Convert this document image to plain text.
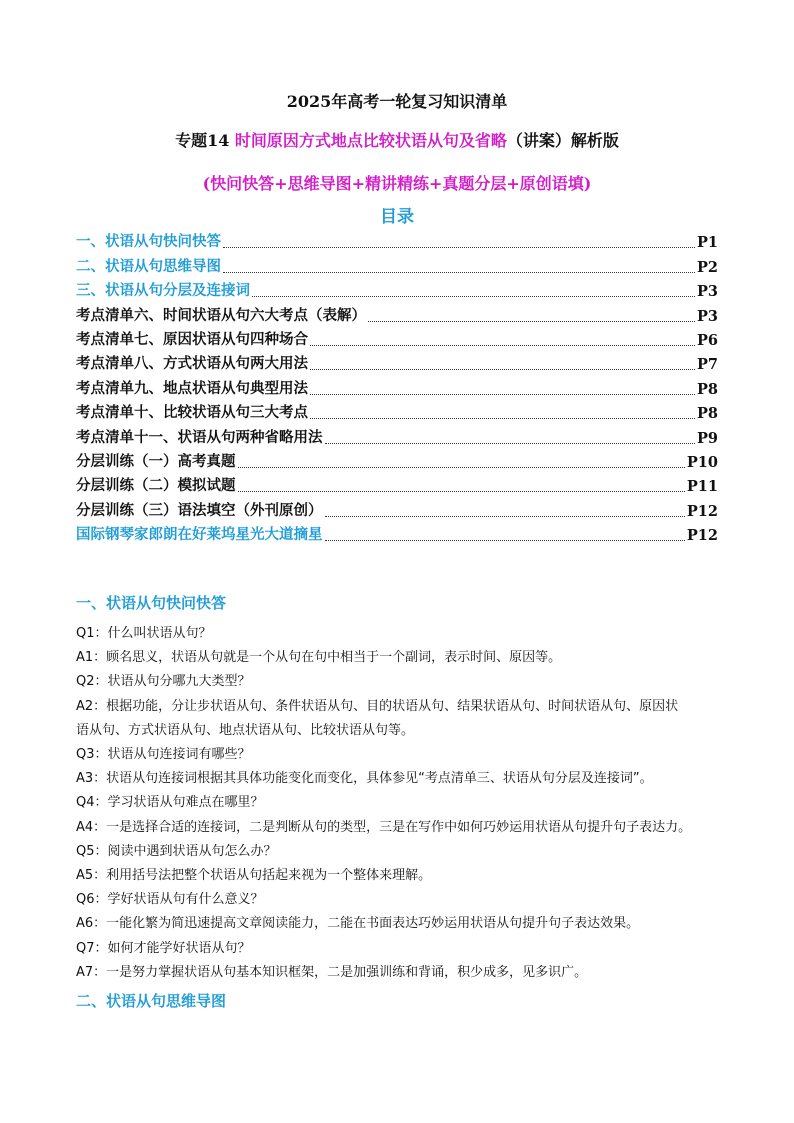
2025年高考一轮复习知识清单
专题14 时间原因方式地点比较状语从句及省略（讲案）解析版
(快问快答+思维导图+精讲精练+真题分层+原创语填)
目录
一、状语从句快问快答	P1
二、状语从句思维导图	P2
三、状语从句分层及连接词	P3
考点清单六、时间状语从句六大考点（表解）	P3
考点清单七、原因状语从句四种场合	P6
考点清单八、方式状语从句两大用法	P7
考点清单九、地点状语从句典型用法	P8
考点清单十、比较状语从句三大考点	P8
考点清单十一、状语从句两种省略用法	P9
分层训练（一）高考真题	P10
分层训练（二）模拟试题	P11
分层训练（三）语法填空（外刊原创）	P12
国际钢琴家郎朗在好莱坞星光大道摘星	P12
一、状语从句快问快答

Q1：什么叫状语从句？

A1：顾名思义，状语从句就是一个从句在句中相当于一个副词，表示时间、原因等。

Q2：状语从句分哪九大类型？

A2：根据功能，分让步状语从句、条件状语从句、目的状语从句、结果状语从句、时间状语从句、原因状

语从句、方式状语从句、地点状语从句、比较状语从句等。

Q3：状语从句连接词有哪些？

A3：状语从句连接词根据其具体功能变化而变化，具体参见“考点清单三、状语从句分层及连接词”。

Q4：学习状语从句难点在哪里？

A4：一是选择合适的连接词，二是判断从句的类型，三是在写作中如何巧妙运用状语从句提升句子表达力。

Q5：阅读中遇到状语从句怎么办？

A5：利用括号法把整个状语从句括起来视为一个整体来理解。

Q6：学好状语从句有什么意义？

A6：一能化繁为简迅速提高文章阅读能力，二能在书面表达巧妙运用状语从句提升句子表达效果。

Q7：如何才能学好状语从句？

A7：一是努力掌握状语从句基本知识框架，二是加强训练和背诵，积少成多，见多识广。

二、状语从句思维导图
